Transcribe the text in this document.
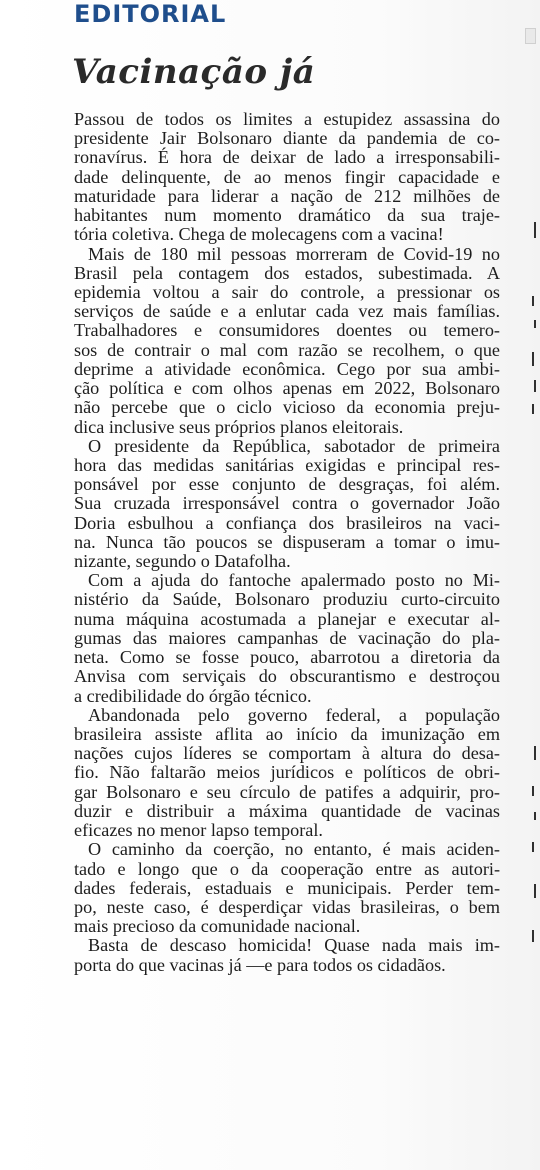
EDITORIAL
Vacinação já
Passou de todos os limites a estupidez assassina do
presidente Jair Bolsonaro diante da pandemia de co-
ronavírus. É hora de deixar de lado a irresponsabili-
dade delinquente, de ao menos fingir capacidade e
maturidade para liderar a nação de 212 milhões de
habitantes num momento dramático da sua traje-
tória coletiva. Chega de molecagens com a vacina!
Mais de 180 mil pessoas morreram de Covid-19 no
Brasil pela contagem dos estados, subestimada. A
epidemia voltou a sair do controle, a pressionar os
serviços de saúde e a enlutar cada vez mais famílias.
Trabalhadores e consumidores doentes ou temero-
sos de contrair o mal com razão se recolhem, o que
deprime a atividade econômica. Cego por sua ambi-
ção política e com olhos apenas em 2022, Bolsonaro
não percebe que o ciclo vicioso da economia preju-
dica inclusive seus próprios planos eleitorais.
O presidente da República, sabotador de primeira
hora das medidas sanitárias exigidas e principal res-
ponsável por esse conjunto de desgraças, foi além.
Sua cruzada irresponsável contra o governador João
Doria esbulhou a confiança dos brasileiros na vaci-
na. Nunca tão poucos se dispuseram a tomar o imu-
nizante, segundo o Datafolha.
Com a ajuda do fantoche apalermado posto no Mi-
nistério da Saúde, Bolsonaro produziu curto-circuito
numa máquina acostumada a planejar e executar al-
gumas das maiores campanhas de vacinação do pla-
neta. Como se fosse pouco, abarrotou a diretoria da
Anvisa com serviçais do obscurantismo e destroçou
a credibilidade do órgão técnico.
Abandonada pelo governo federal, a população
brasileira assiste aflita ao início da imunização em
nações cujos líderes se comportam à altura do desa-
fio. Não faltarão meios jurídicos e políticos de obri-
gar Bolsonaro e seu círculo de patifes a adquirir, pro-
duzir e distribuir a máxima quantidade de vacinas
eficazes no menor lapso temporal.
O caminho da coerção, no entanto, é mais aciden-
tado e longo que o da cooperação entre as autori-
dades federais, estaduais e municipais. Perder tem-
po, neste caso, é desperdiçar vidas brasileiras, o bem
mais precioso da comunidade nacional.
Basta de descaso homicida! Quase nada mais im-
porta do que vacinas já —e para todos os cidadãos.
